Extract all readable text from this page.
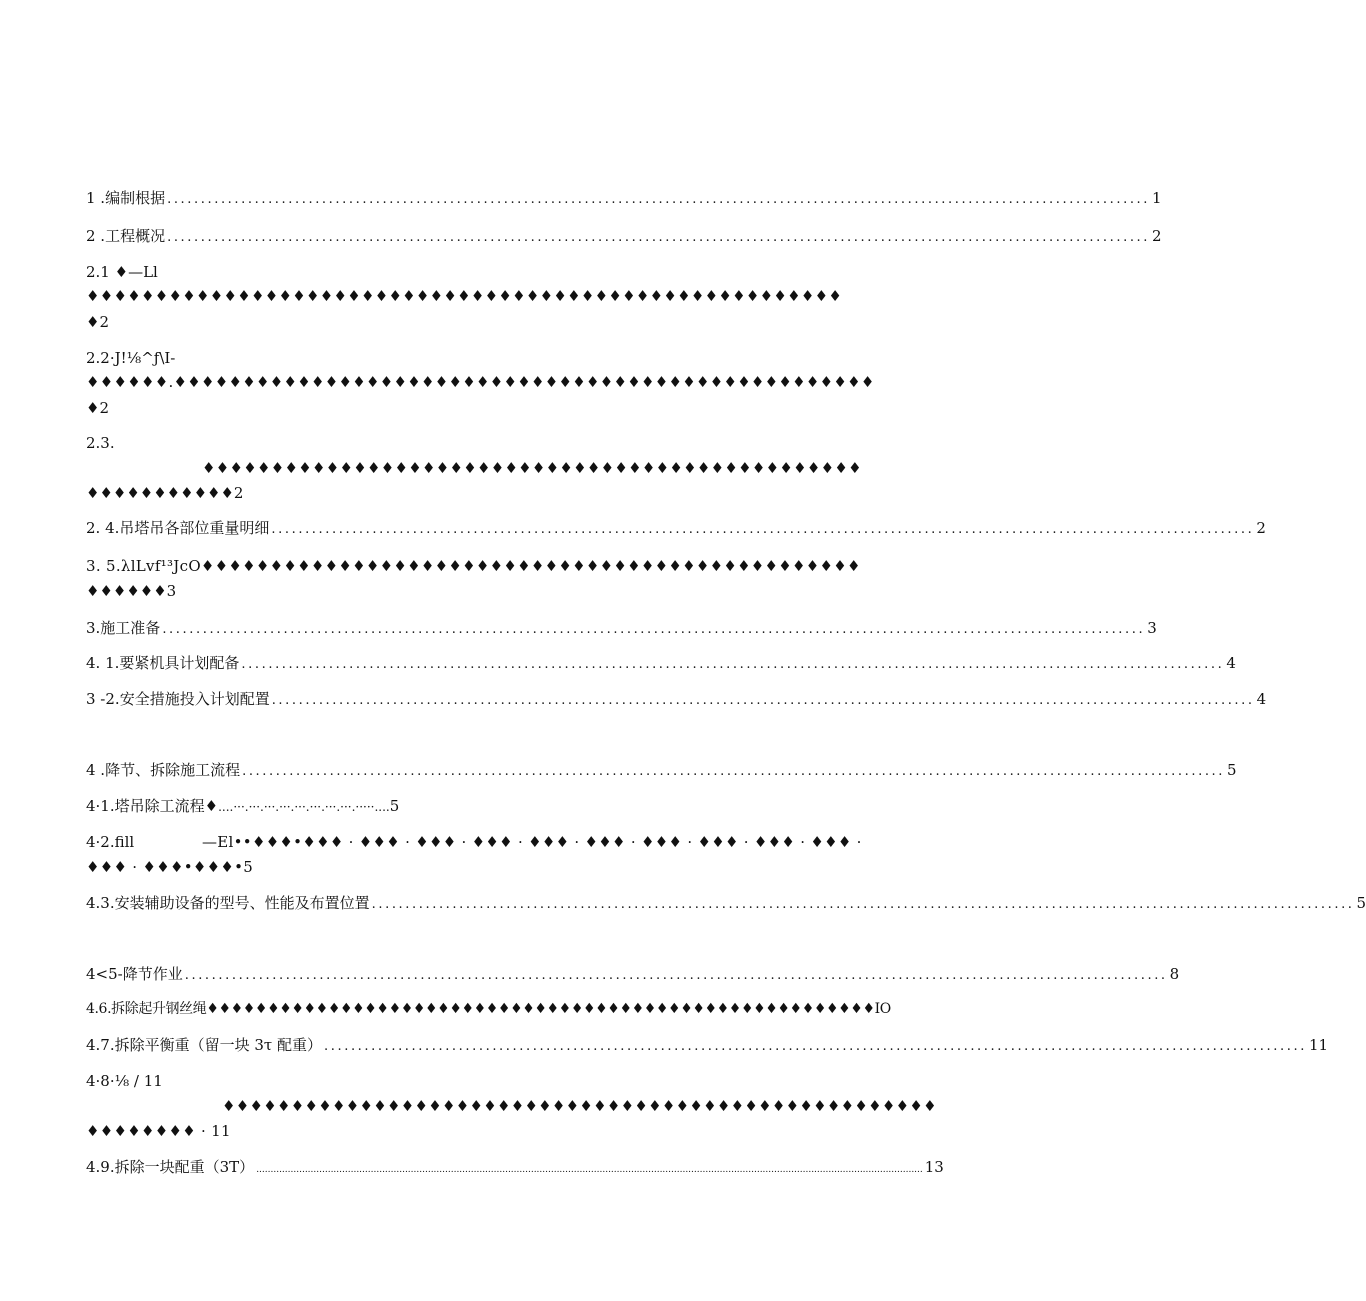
1 .编制根据 .................................................................................................................................................. 1
2 .工程概况 .................................................................................................................................................. 2
2.1 ♦—Ll
♦♦♦♦♦♦♦♦♦♦♦♦♦♦♦♦♦♦♦♦♦♦♦♦♦♦♦♦♦♦♦♦♦♦♦♦♦♦♦♦♦♦♦♦♦♦♦♦♦♦♦♦♦♦♦
♦2
2.2·J!⅛^ƒ\I-
♦♦♦♦♦♦.♦♦♦♦♦♦♦♦♦♦♦♦♦♦♦♦♦♦♦♦♦♦♦♦♦♦♦♦♦♦♦♦♦♦♦♦♦♦♦♦♦♦♦♦♦♦♦♦♦♦♦
♦2
2.3.
♦♦♦♦♦♦♦♦♦♦♦♦♦♦♦♦♦♦♦♦♦♦♦♦♦♦♦♦♦♦♦♦♦♦♦♦♦♦♦♦♦♦♦♦♦♦♦♦
♦♦♦♦♦♦♦♦♦♦♦2
2. 4.吊塔吊各部位重量明细 .................................................................................................................................................. 2
3. 5.λlLvf¹³JcO♦♦♦♦♦♦♦♦♦♦♦♦♦♦♦♦♦♦♦♦♦♦♦♦♦♦♦♦♦♦♦♦♦♦♦♦♦♦♦♦♦♦♦♦♦♦♦♦
♦♦♦♦♦♦3
3.施工准备 .................................................................................................................................................. 3
4. 1.要紧机具计划配备 .................................................................................................................................................. 4
3 -2.安全措施投入计划配置 .................................................................................................................................................. 4
4 .降节、拆除施工流程 .................................................................................................................................................. 5
4·1.塔吊除工流程♦....···.···.···.···.···.···.···.···.·····....5
4·2.fill	—El••♦♦♦•♦♦♦ · ♦♦♦ · ♦♦♦ · ♦♦♦ · ♦♦♦ · ♦♦♦ · ♦♦♦ · ♦♦♦ · ♦♦♦ · ♦♦♦ ·
♦♦♦ · ♦♦♦•♦♦♦•5
4.3.安装辅助设备的型号、性能及布置位置 .................................................................................................................................................. 5
4<5-降节作业 .................................................................................................................................................. 8
4.6.拆除起升钢丝绳♦♦♦♦♦♦♦♦♦♦♦♦♦♦♦♦♦♦♦♦♦♦♦♦♦♦♦♦♦♦♦♦♦♦♦♦♦♦♦♦♦♦♦♦♦♦♦♦♦♦♦♦♦♦♦IO
4.7.拆除平衡重（留一块 3τ 配重） .................................................................................................................................................. 11
4·8·⅛ / 11
♦♦♦♦♦♦♦♦♦♦♦♦♦♦♦♦♦♦♦♦♦♦♦♦♦♦♦♦♦♦♦♦♦♦♦♦♦♦♦♦♦♦♦♦♦♦♦♦♦♦♦♦
♦♦♦♦♦♦♦♦ · 11
4.9.拆除一块配重（3T） ......................................................................................................................................................................................................................................... 13
